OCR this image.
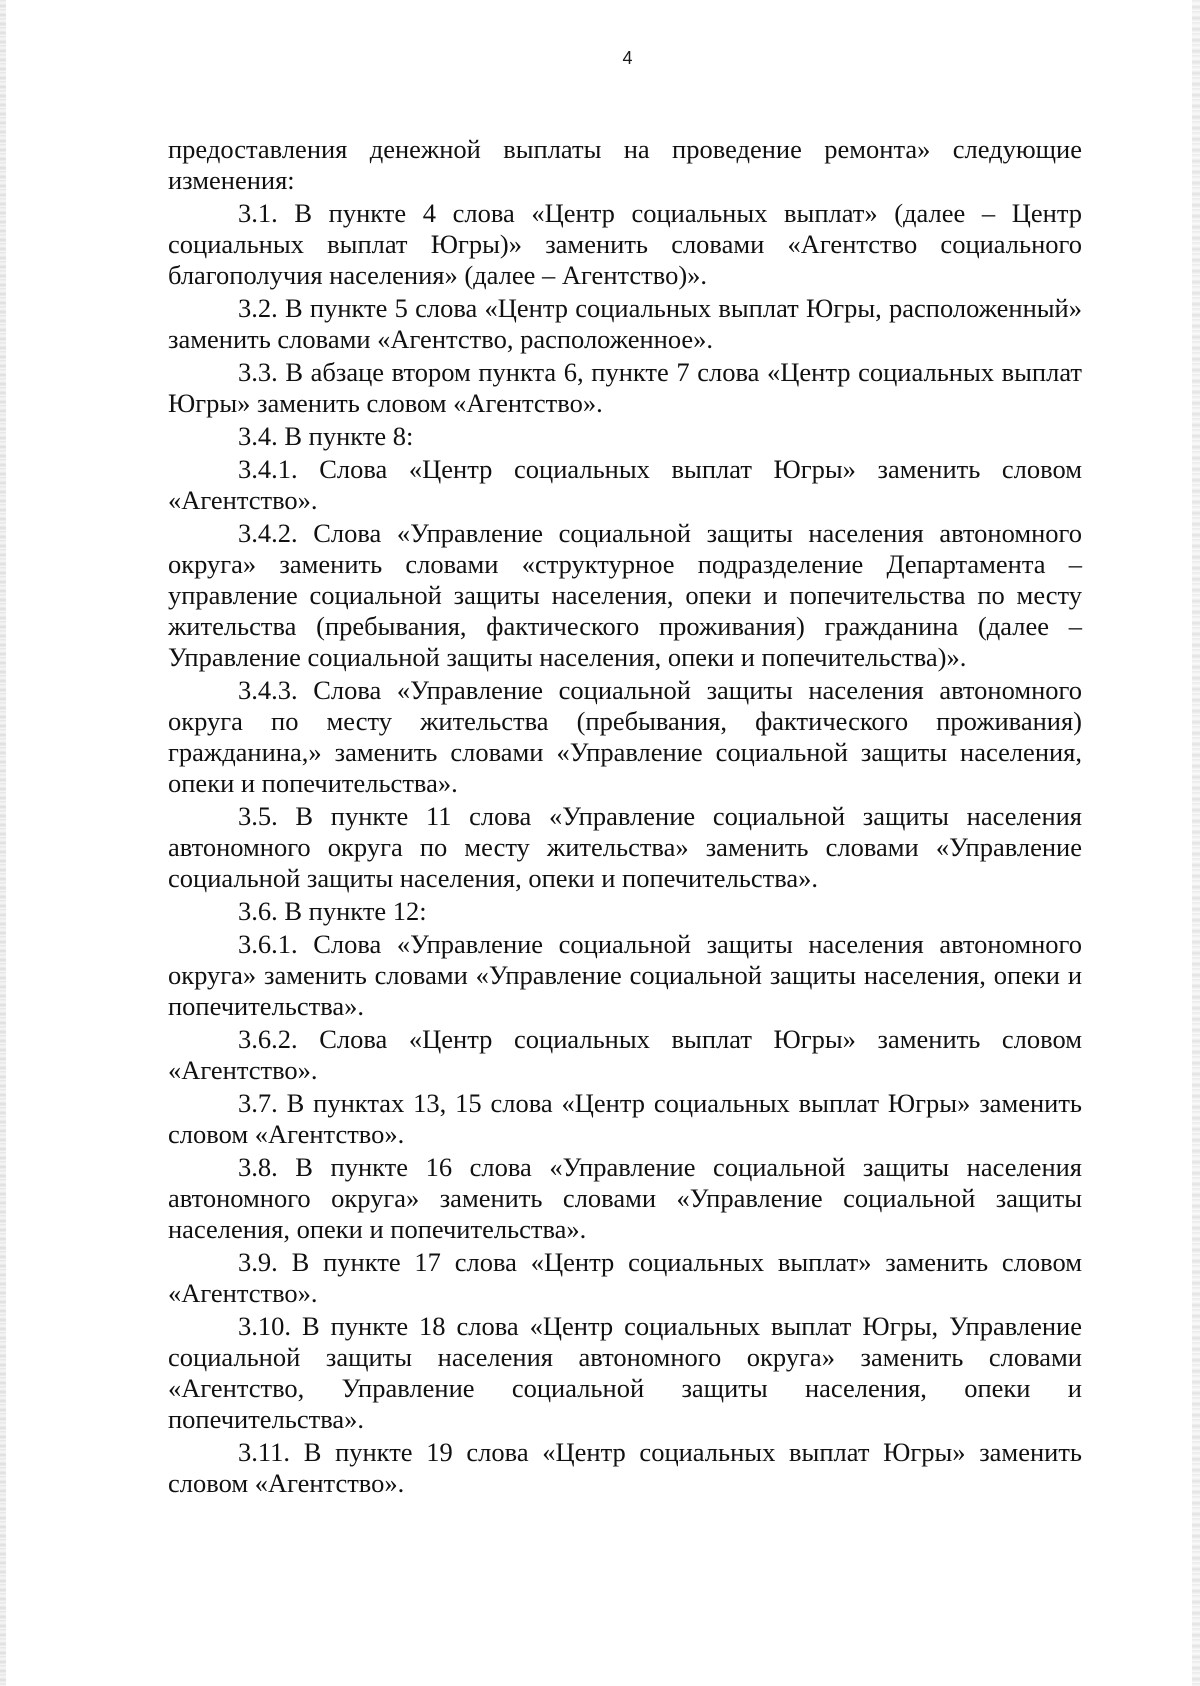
4

предоставления денежной выплаты на проведение ремонта» следующие изменения:

3.1. В пункте 4 слова «Центр социальных выплат» (далее – Центр социальных выплат Югры)» заменить словами «Агентство социального благополучия населения» (далее – Агентство)».

3.2. В пункте 5 слова «Центр социальных выплат Югры, расположенный» заменить словами «Агентство, расположенное».

3.3. В абзаце втором пункта 6, пункте 7 слова «Центр социальных выплат Югры» заменить словом «Агентство».

3.4. В пункте 8:

3.4.1. Слова «Центр социальных выплат Югры» заменить словом «Агентство».

3.4.2. Слова «Управление социальной защиты населения автономного округа» заменить словами «структурное подразделение Департамента – управление социальной защиты населения, опеки и попечительства по месту жительства (пребывания, фактического проживания) гражданина (далее – Управление социальной защиты населения, опеки и попечительства)».

3.4.3. Слова «Управление социальной защиты населения автономного округа по месту жительства (пребывания, фактического проживания) гражданина,» заменить словами «Управление социальной защиты населения, опеки и попечительства».

3.5. В пункте 11 слова «Управление социальной защиты населения автономного округа по месту жительства» заменить словами «Управление социальной защиты населения, опеки и попечительства».

3.6. В пункте 12:

3.6.1. Слова «Управление социальной защиты населения автономного округа» заменить словами «Управление социальной защиты населения, опеки и попечительства».

3.6.2. Слова «Центр социальных выплат Югры» заменить словом «Агентство».

3.7. В пунктах 13, 15 слова «Центр социальных выплат Югры» заменить словом «Агентство».

3.8. В пункте 16 слова «Управление социальной защиты населения автономного округа» заменить словами «Управление социальной защиты населения, опеки и попечительства».

3.9. В пункте 17 слова «Центр социальных выплат» заменить словом «Агентство».

3.10. В пункте 18 слова «Центр социальных выплат Югры, Управление социальной защиты населения автономного округа» заменить словами «Агентство, Управление социальной защиты населения, опеки и попечительства».

3.11. В пункте 19 слова «Центр социальных выплат Югры» заменить словом «Агентство».
